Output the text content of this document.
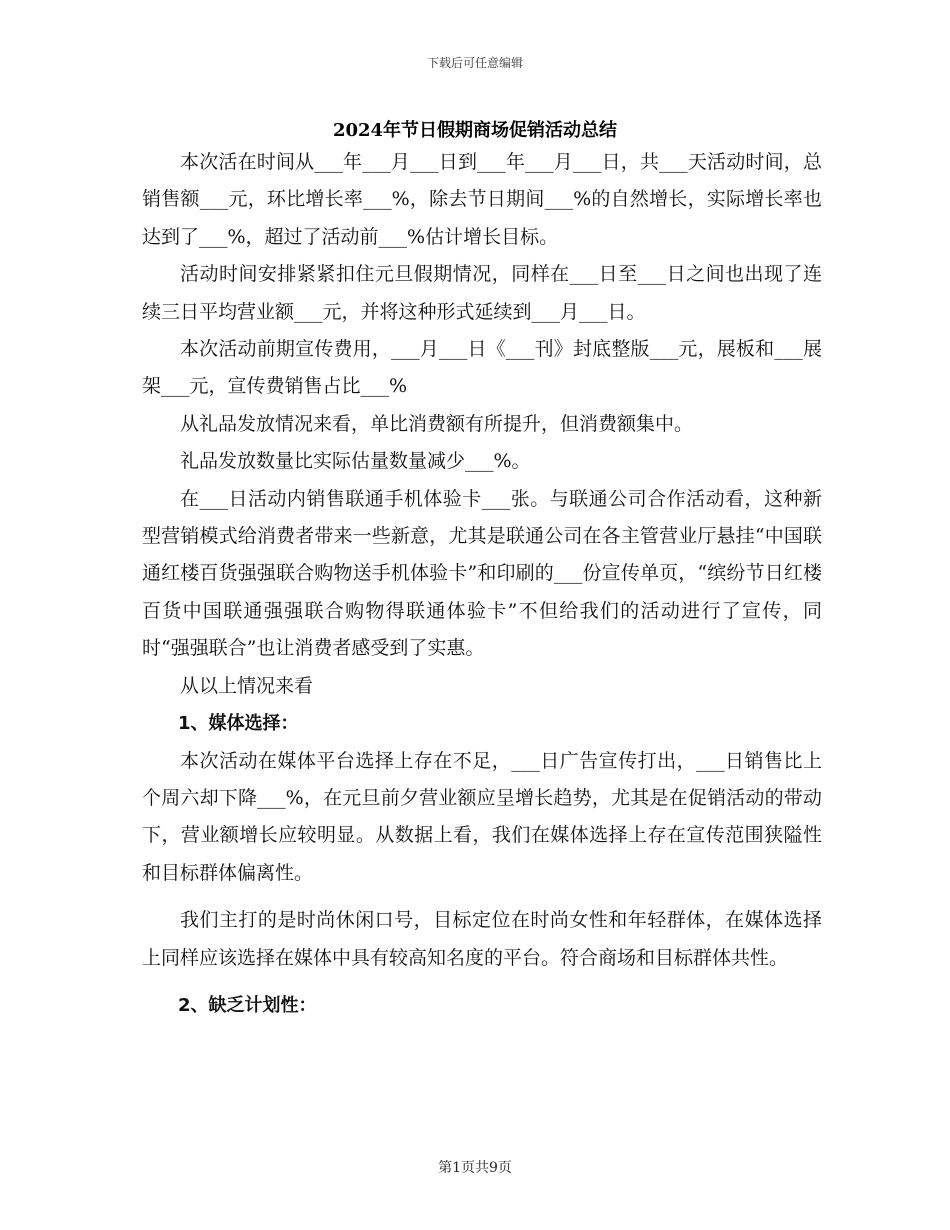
下载后可任意编辑
2024年节日假期商场促销活动总结

本次活在时间从___年___月___日到___年___月___日，共___天活动时间，总销售额___元，环比增长率___%，除去节日期间___%的自然增长，实际增长率也达到了___%，超过了活动前___%估计增长目标。

活动时间安排紧紧扣住元旦假期情况，同样在___日至___日之间也出现了连续三日平均营业额___元，并将这种形式延续到___月___日。

本次活动前期宣传费用，___月___日《___刊》封底整版___元，展板和___展架___元，宣传费销售占比___%

从礼品发放情况来看，单比消费额有所提升，但消费额集中。

礼品发放数量比实际估量数量减少___%。

在___日活动内销售联通手机体验卡___张。与联通公司合作活动看，这种新型营销模式给消费者带来一些新意，尤其是联通公司在各主管营业厅悬挂“中国联通红楼百货强强联合购物送手机体验卡”和印刷的___份宣传单页，“缤纷节日红楼百货中国联通强强联合购物得联通体验卡”不但给我们的活动进行了宣传，同时“强强联合”也让消费者感受到了实惠。

从以上情况来看

1、媒体选择：

本次活动在媒体平台选择上存在不足，___日广告宣传打出，___日销售比上个周六却下降___%，在元旦前夕营业额应呈增长趋势，尤其是在促销活动的带动下，营业额增长应较明显。从数据上看，我们在媒体选择上存在宣传范围狭隘性和目标群体偏离性。

我们主打的是时尚休闲口号，目标定位在时尚女性和年轻群体，在媒体选择上同样应该选择在媒体中具有较高知名度的平台。符合商场和目标群体共性。

2、缺乏计划性：

第1页共9页
